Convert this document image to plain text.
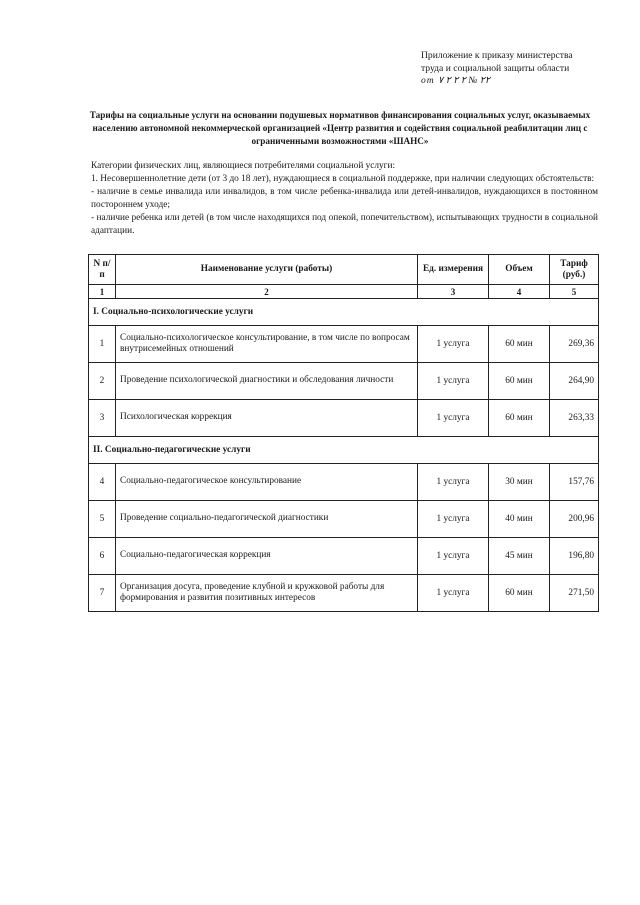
Приложение к приказу министерства
труда и социальной защиты области
от ۷ ۲ ۲ ۲ № ۲۲
Тарифы на социальные услуги на основании подушевых нормативов финансирования социальных услуг, оказываемых населению автономной некоммерческой организацией «Центр развития и содействия социальной реабилитации лиц с ограниченными возможностями «ШАНС»

Категории физических лиц, являющиеся потребителями социальной услуги:

1. Несовершеннолетние дети (от 3 до 18 лет), нуждающиеся в социальной поддержке, при наличии следующих обстоятельств:

- наличие в семье инвалида или инвалидов, в том числе ребенка-инвалида или детей-инвалидов, нуждающихся в постоянном постороннем уходе;

- наличие ребенка или детей (в том числе находящихся под опекой, попечительством), испытывающих трудности в социальной адаптации.

N п/п	Наименование услуги (работы)	Ед. измерения	Объем	Тариф (руб.)
1	2	3	4	5
I. Социально-психологические услуги				
1	Социально-психологическое консультирование, в том числе по вопросам внутрисемейных отношений	1 услуга	60 мин	269,36
2	Проведение психологической диагностики и обследования личности	1 услуга	60 мин	264,90
3	Психологическая коррекция	1 услуга	60 мин	263,33
II. Социально-педагогические услуги				
4	Социально-педагогическое консультирование	1 услуга	30 мин	157,76
5	Проведение социально-педагогической диагностики	1 услуга	40 мин	200,96
6	Социально-педагогическая коррекция	1 услуга	45 мин	196,80
7	Организация досуга, проведение клубной и кружковой работы для формирования и развития позитивных интересов	1 услуга	60 мин	271,50
